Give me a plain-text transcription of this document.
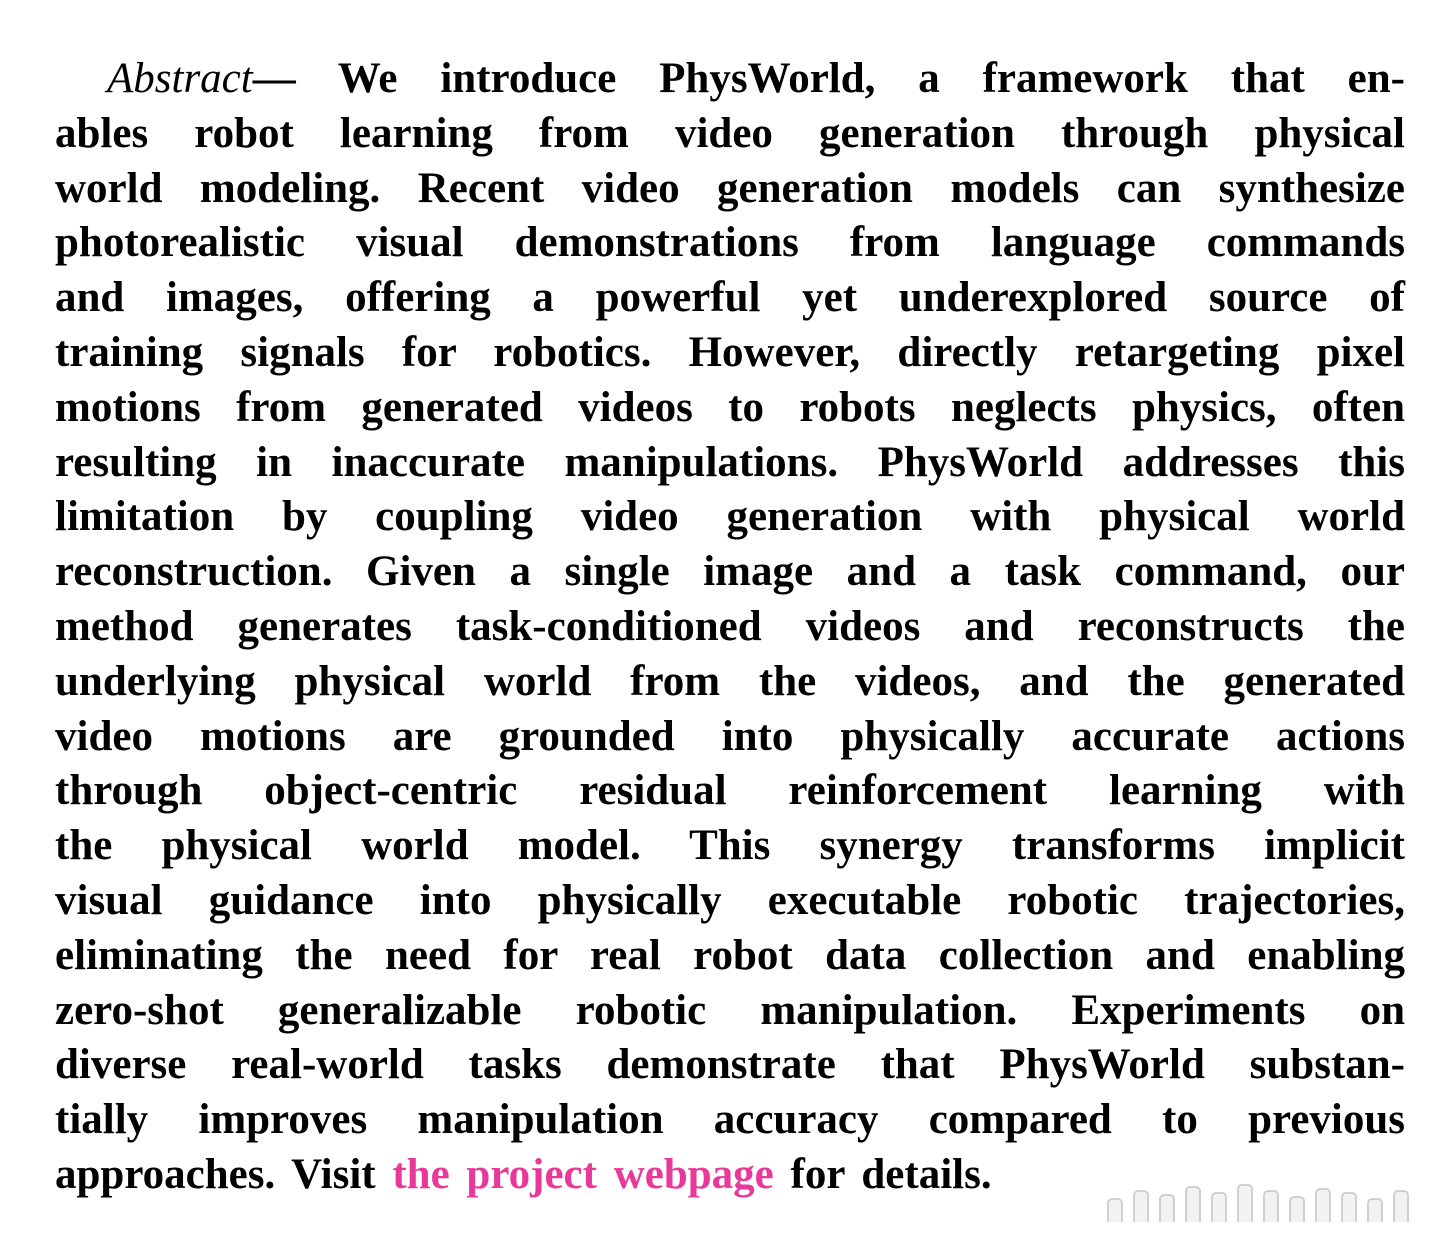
Abstract— We introduce PhysWorld, a framework that en-
ables robot learning from video generation through physical
world modeling. Recent video generation models can synthesize
photorealistic visual demonstrations from language commands
and images, offering a powerful yet underexplored source of
training signals for robotics. However, directly retargeting pixel
motions from generated videos to robots neglects physics, often
resulting in inaccurate manipulations. PhysWorld addresses this
limitation by coupling video generation with physical world
reconstruction. Given a single image and a task command, our
method generates task-conditioned videos and reconstructs the
underlying physical world from the videos, and the generated
video motions are grounded into physically accurate actions
through object-centric residual reinforcement learning with
the physical world model. This synergy transforms implicit
visual guidance into physically executable robotic trajectories,
eliminating the need for real robot data collection and enabling
zero-shot generalizable robotic manipulation. Experiments on
diverse real-world tasks demonstrate that PhysWorld substan-
tially improves manipulation accuracy compared to previous
approaches. Visit the project webpage for details.
